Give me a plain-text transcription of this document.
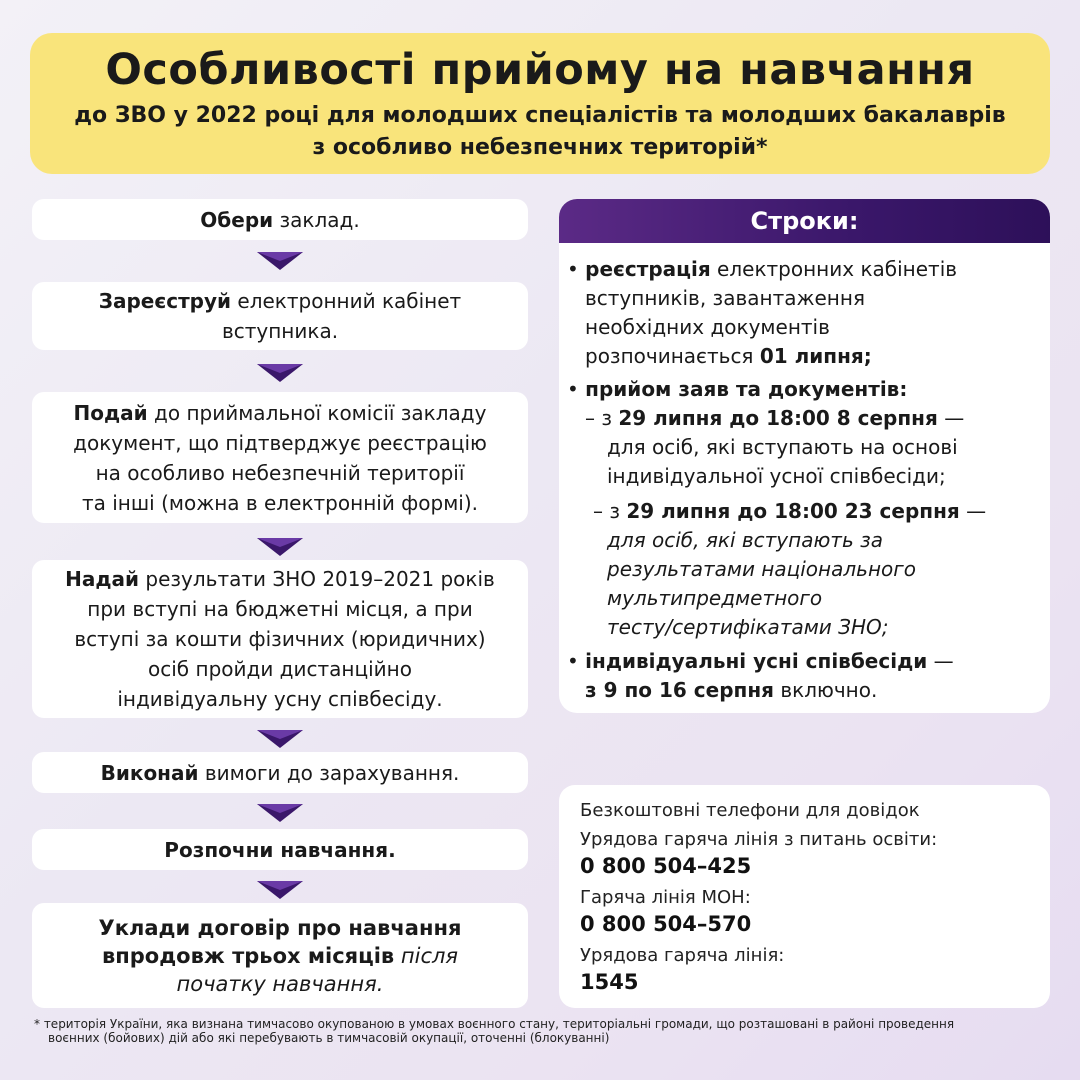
Особливості прийому на навчання
до ЗВО у 2022 році для молодших спеціалістів та молодших бакалаврів
з особливо небезпечних територій*
Обери заклад.
Зареєструй електронний кабінет
вступника.
Подай до приймальної комісії закладу
документ, що підтверджує реєстрацію
на особливо небезпечній території
та інші (можна в електронній формі).
Надай результати ЗНО 2019–2021 років
при вступі на бюджетні місця, а при
вступі за кошти фізичних (юридичних)
осіб пройди дистанційно
індивідуальну усну співбесіду.
Виконай вимоги до зарахування.
Розпочни навчання.
Уклади договір про навчання
впродовж трьох місяців після
початку навчання.
Строки:
• реєстрація електронних кабінетів
вступників, завантаження
необхідних документів
розпочинається 01 липня;
• прийом заяв та документів:
– з 29 липня до 18:00 8 серпня —
для осіб, які вступають на основі
індивідуальної усної співбесіди;
– з 29 липня до 18:00 23 серпня —
для осіб, які вступають за
результатами національного
мультипредметного
тесту/сертифікатами ЗНО;
• індивідуальні усні співбесіди —
з 9 по 16 серпня включно.
Безкоштовні телефони для довідок
Урядова гаряча лінія з питань освіти:
0 800 504–425
Гаряча лінія МОН:
0 800 504–570
Урядова гаряча лінія:
1545
* територія України, яка визнана тимчасово окупованою в умовах воєнного стану, територіальні громади, що розташовані в районі проведення
воєнних (бойових) дій або які перебувають в тимчасовій окупації, оточенні (блокуванні)
